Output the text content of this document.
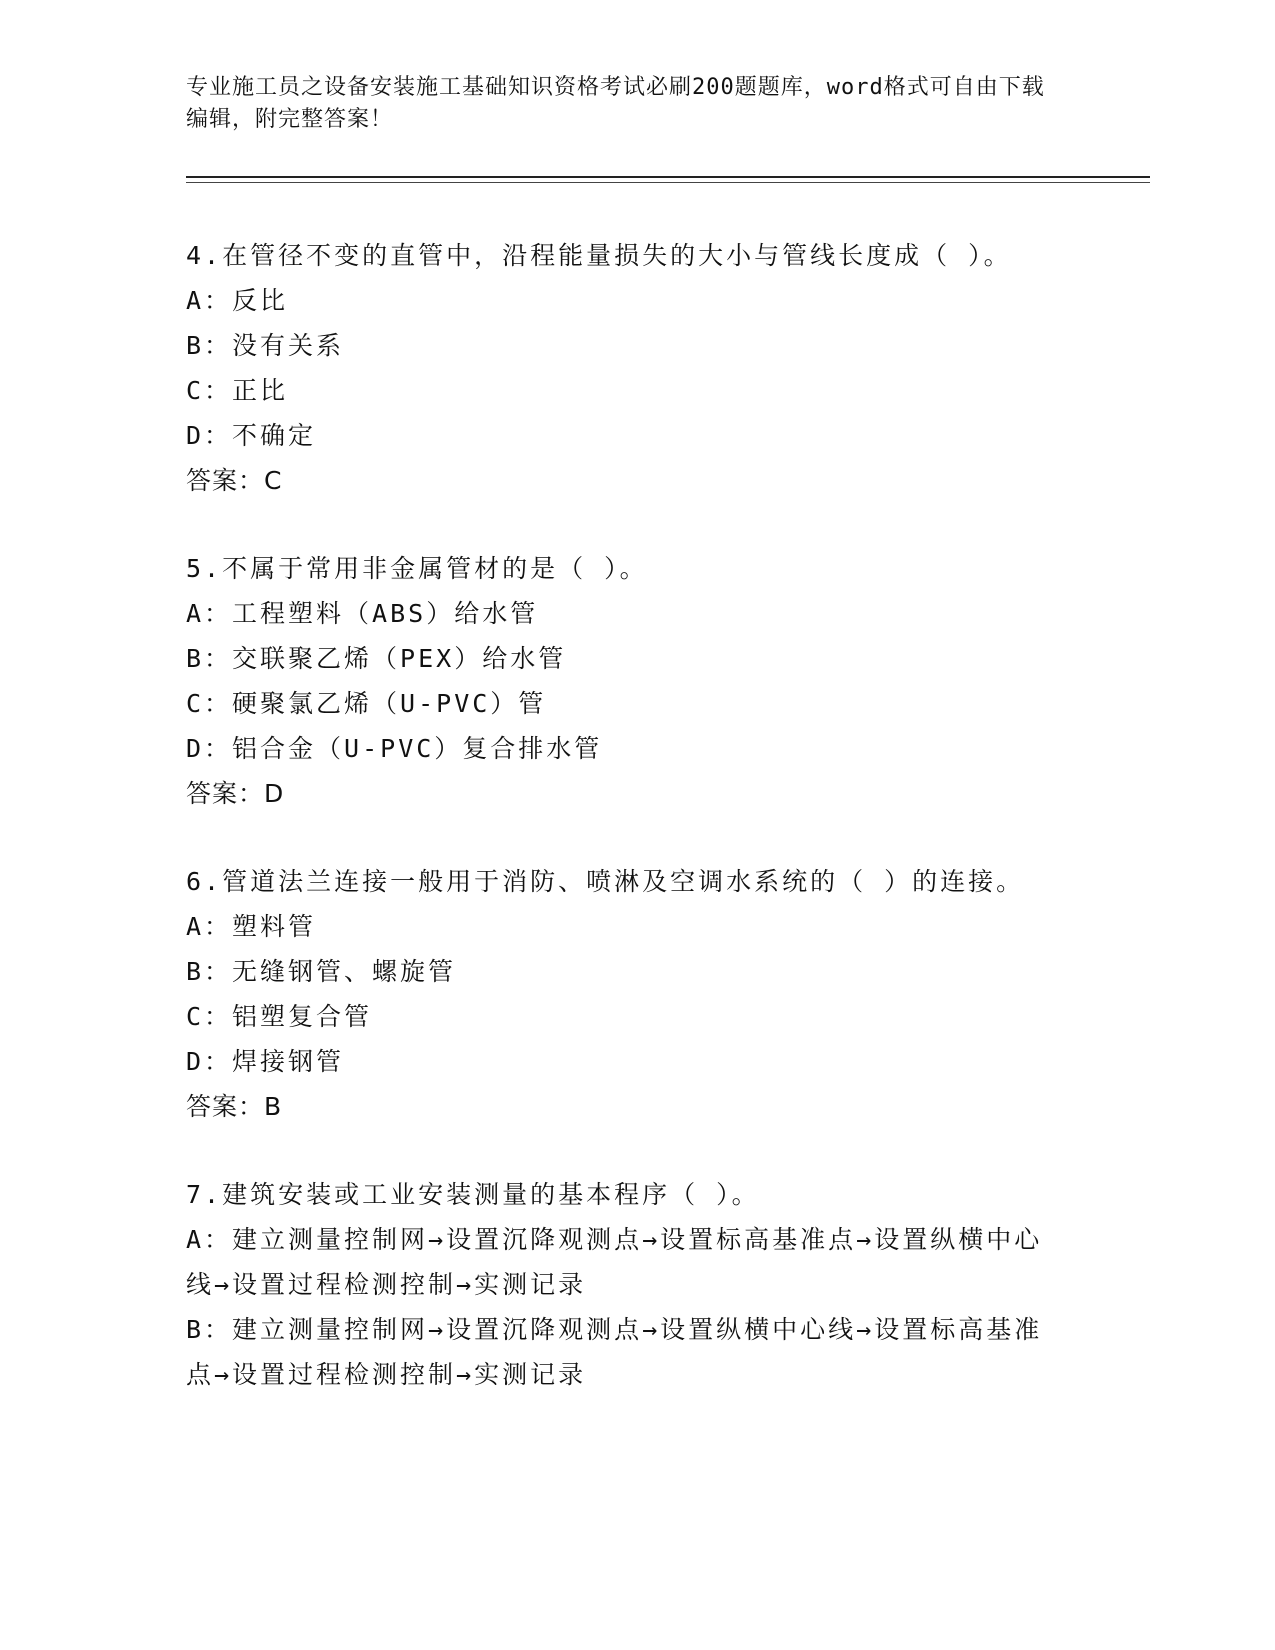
专业施工员之设备安装施工基础知识资格考试必刷200题题库，word格式可自由下载编辑，附完整答案！
4.在管径不变的直管中，沿程能量损失的大小与管线长度成（ ）。
A：反比
B：没有关系
C：正比
D：不确定
答案：C
5.不属于常用非金属管材的是（ ）。
A：工程塑料（ABS）给水管
B：交联聚乙烯（PEX）给水管
C：硬聚氯乙烯（U-PVC）管
D：铝合金（U-PVC）复合排水管
答案：D
6.管道法兰连接一般用于消防、喷淋及空调水系统的（ ）的连接。
A：塑料管
B：无缝钢管、螺旋管
C：铝塑复合管
D：焊接钢管
答案：B
7.建筑安装或工业安装测量的基本程序（ ）。
A：建立测量控制网→设置沉降观测点→设置标高基准点→设置纵横中心线→设置过程检测控制→实测记录
B：建立测量控制网→设置沉降观测点→设置纵横中心线→设置标高基准点→设置过程检测控制→实测记录
